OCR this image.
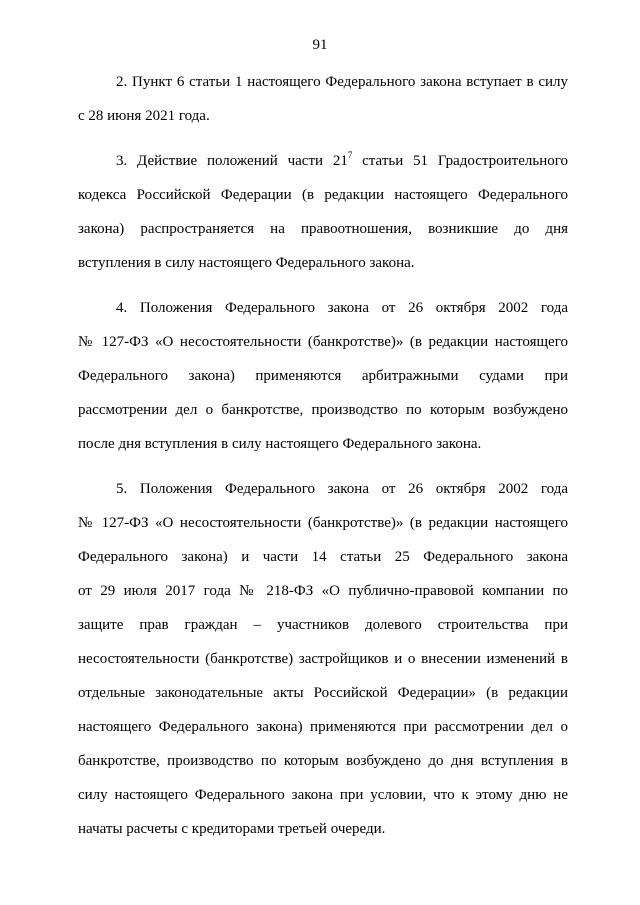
91
2. Пункт 6 статьи 1 настоящего Федерального закона вступает в силу
с 28 июня 2021 года.
3. Действие положений части 21$^7$ статьи 51 Градостроительного
кодекса Российской Федерации (в редакции настоящего Федерального
закона) распространяется на правоотношения, возникшие до дня
вступления в силу настоящего Федерального закона.
4. Положения Федерального закона от 26 октября 2002 года
№ 127-ФЗ «О несостоятельности (банкротстве)» (в редакции настоящего
Федерального закона) применяются арбитражными судами при
рассмотрении дел о банкротстве, производство по которым возбуждено
после дня вступления в силу настоящего Федерального закона.
5. Положения Федерального закона от 26 октября 2002 года
№ 127-ФЗ «О несостоятельности (банкротстве)» (в редакции настоящего
Федерального закона) и части 14 статьи 25 Федерального закона
от 29 июля 2017 года № 218-ФЗ «О публично-правовой компании по
защите прав граждан – участников долевого строительства при
несостоятельности (банкротстве) застройщиков и о внесении изменений в
отдельные законодательные акты Российской Федерации» (в редакции
настоящего Федерального закона) применяются при рассмотрении дел о
банкротстве, производство по которым возбуждено до дня вступления в
силу настоящего Федерального закона при условии, что к этому дню не
начаты расчеты с кредиторами третьей очереди.
